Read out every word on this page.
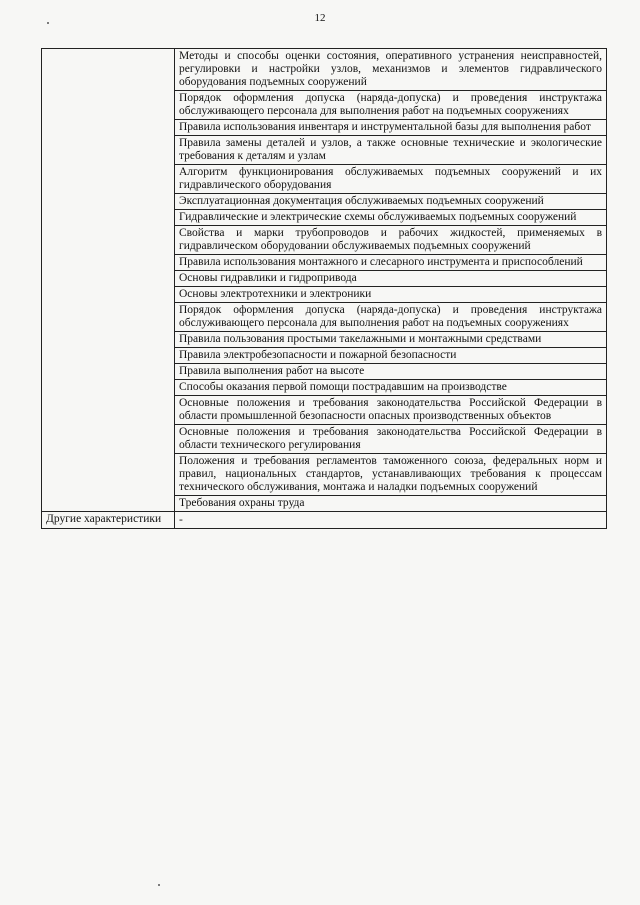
12
	Методы и способы оценки состояния, оперативного устранения неисправностей, регулировки и настройки узлов, механизмов и элементов гидравлического оборудования подъемных сооружений
	Порядок оформления допуска (наряда-допуска) и проведения инструктажа обслуживающего персонала для выполнения работ на подъемных сооружениях
	Правила использования инвентаря и инструментальной базы для выполнения работ
	Правила замены деталей и узлов, а также основные технические и экологические требования к деталям и узлам
	Алгоритм функционирования обслуживаемых подъемных сооружений и их гидравлического оборудования
	Эксплуатационная документация обслуживаемых подъемных сооружений
	Гидравлические и электрические схемы обслуживаемых подъемных сооружений
	Свойства и марки трубопроводов и рабочих жидкостей, применяемых в гидравлическом оборудовании обслуживаемых подъемных сооружений
	Правила использования монтажного и слесарного инструмента и приспособлений
	Основы гидравлики и гидропривода
	Основы электротехники и электроники
	Порядок оформления допуска (наряда-допуска) и проведения инструктажа обслуживающего персонала для выполнения работ на подъемных сооружениях
	Правила пользования простыми такелажными и монтажными средствами
	Правила электробезопасности и пожарной безопасности
	Правила выполнения работ на высоте
	Способы оказания первой помощи пострадавшим на производстве
	Основные положения и требования законодательства Российской Федерации в области промышленной безопасности опасных производственных объектов
	Основные положения и требования законодательства Российской Федерации в области технического регулирования
	Положения и требования регламентов таможенного союза, федеральных норм и правил, национальных стандартов, устанавливающих требования к процессам технического обслуживания, монтажа и наладки подъемных сооружений
	Требования охраны труда
Другие характеристики	-
